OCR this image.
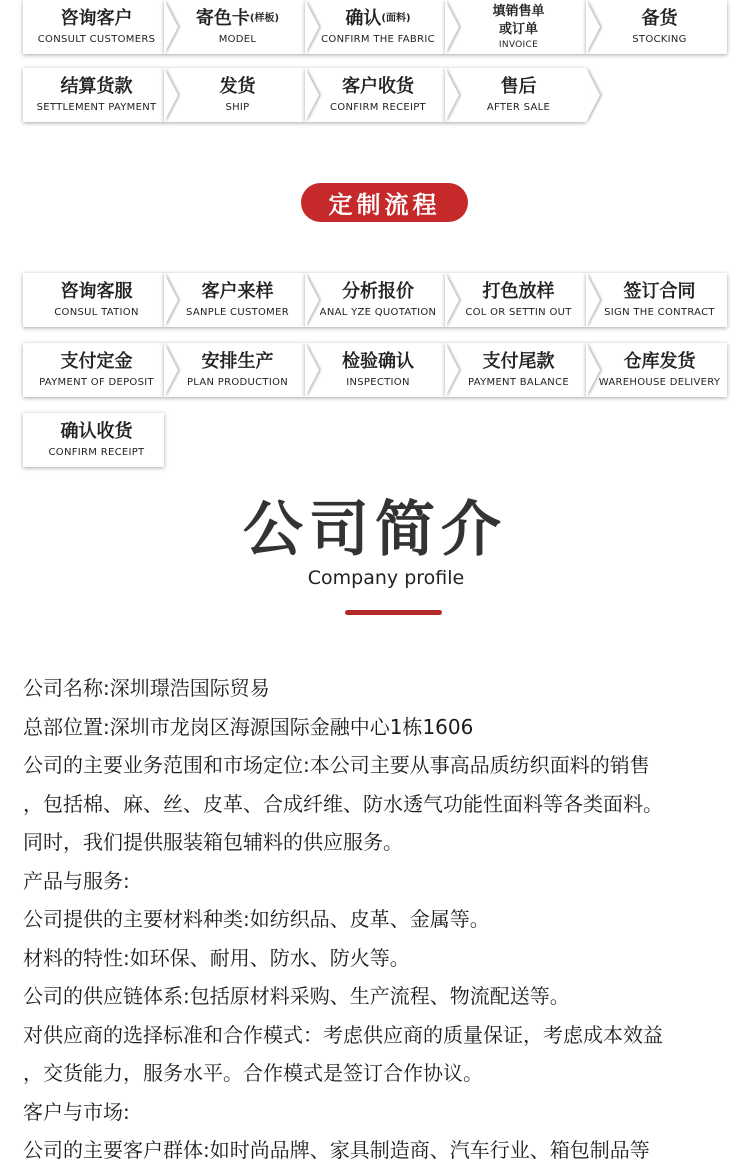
咨询客户
CONSULT CUSTOMERS
寄色卡$^{(样板)}$
MODEL
确认$^{(面料)}$
CONFIRM THE FABRIC
填销售单
或订单
INVOICE
备货
STOCKING
结算货款
SETTLEMENT PAYMENT
发货
SHIP
客户收货
CONFIRM RECEIPT
售后
AFTER SALE
定制流程
咨询客服
CONSUL TATION
客户来样
SANPLE CUSTOMER
分析报价
ANAL YZE QUOTATION
打色放样
COL OR SETTIN OUT
签订合同
SIGN THE CONTRACT
支付定金
PAYMENT OF DEPOSIT
安排生产
PLAN PRODUCTION
检验确认
INSPECTION
支付尾款
PAYMENT BALANCE
仓库发货
WAREHOUSE DELIVERY
确认收货
CONFIRM RECEIPT
公司简介
Company profile

公司名称:深圳璟浩国际贸易

总部位置:深圳市龙岗区海源国际金融中心1栋1606

公司的主要业务范围和市场定位:本公司主要从事高品质纺织面料的销售

，包括棉、麻、丝、皮革、合成纤维、防水透气功能性面料等各类面料。

同时，我们提供服装箱包辅料的供应服务。

产品与服务:

公司提供的主要材料种类:如纺织品、皮革、金属等。

材料的特性:如环保、耐用、防水、防火等。

公司的供应链体系:包括原材料采购、生产流程、物流配送等。

对供应商的选择标准和合作模式：考虑供应商的质量保证，考虑成本效益

，交货能力，服务水平。合作模式是签订合作协议。

客户与市场:

公司的主要客户群体:如时尚品牌、家具制造商、汽车行业、箱包制品等
